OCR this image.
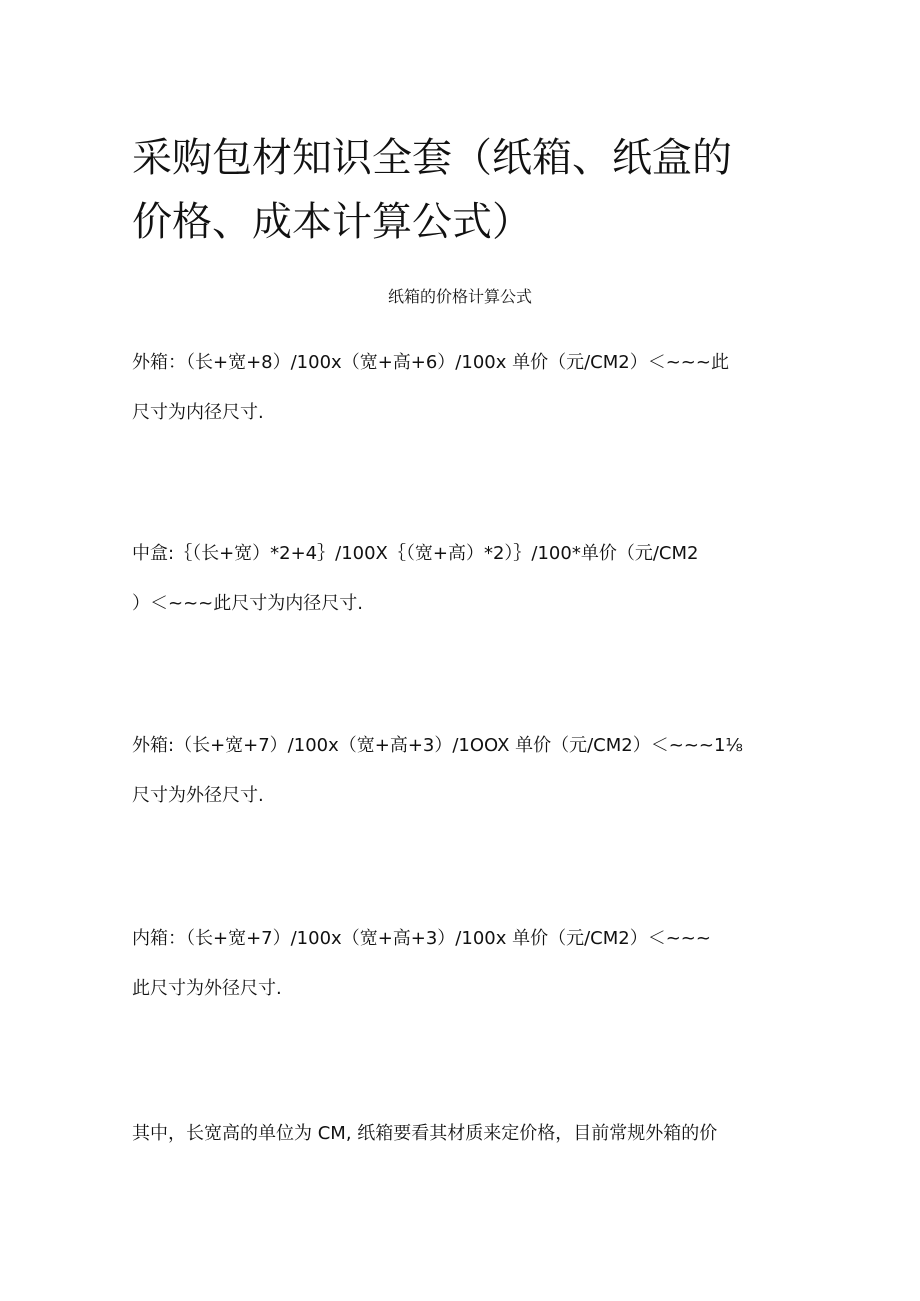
采购包材知识全套（纸箱、纸盒的
价格、成本计算公式）

纸箱的价格计算公式

外箱：（长+宽+8）/100x（宽+高+6）/100x 单价（元/CM2）＜~~~此
尺寸为内径尺寸.

中盒:｛（长+宽）*2+4｝/100X｛（宽+高）*2）｝/100*单价（元/CM2
）＜~~~此尺寸为内径尺寸.

外箱:（长+宽+7）/100x（宽+高+3）/1OOX 单价（元/CM2）＜~~~1⅛
尺寸为外径尺寸.

内箱：（长+宽+7）/100x（宽+高+3）/100x 单价（元/CM2）＜~~~
此尺寸为外径尺寸.

其中，长宽高的单位为 CM, 纸箱要看其材质来定价格，目前常规外箱的价
